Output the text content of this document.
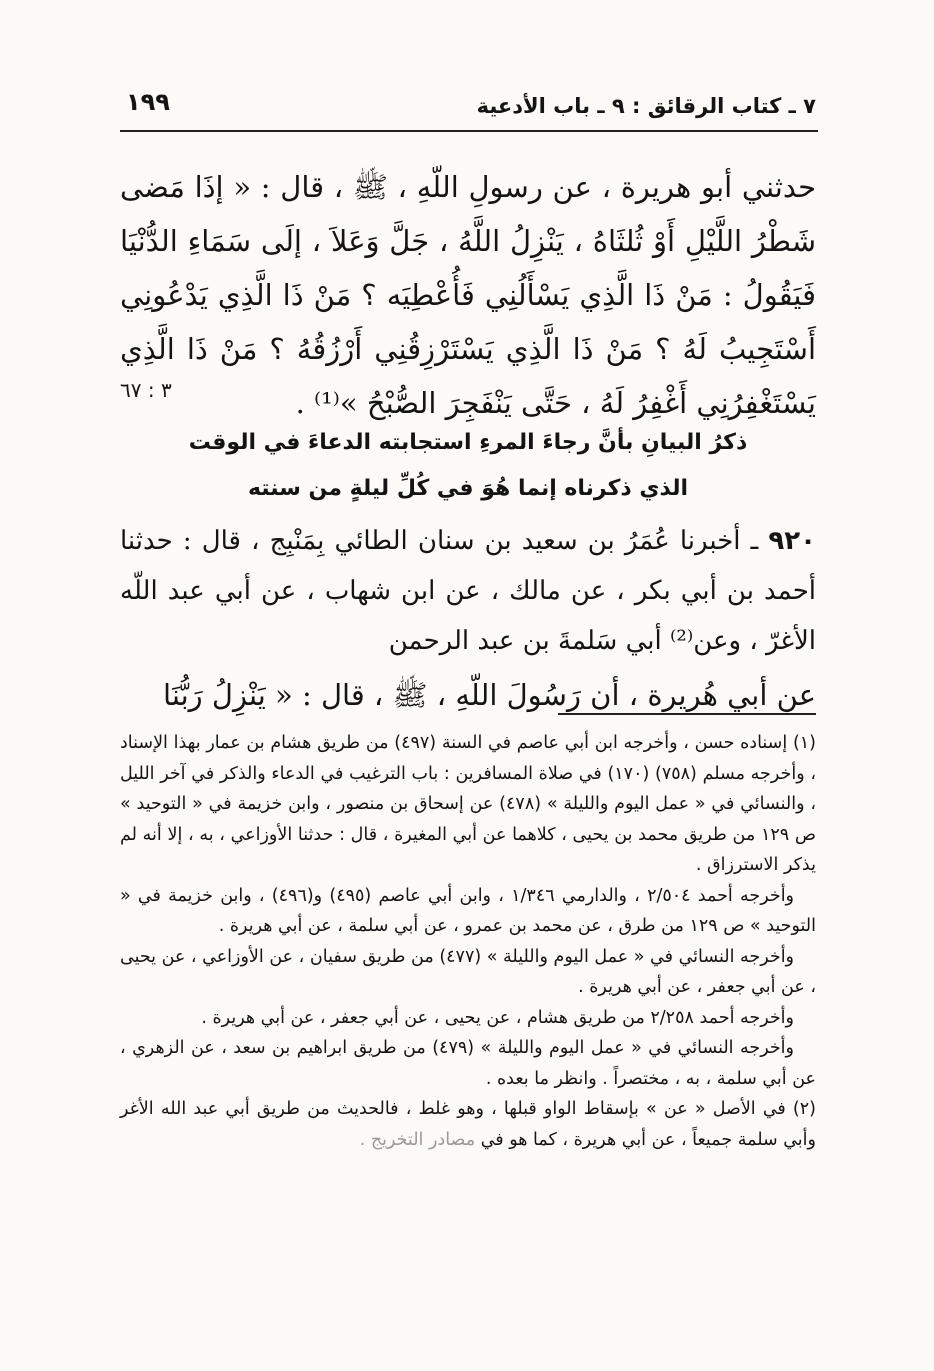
٧ ـ كتاب الرقائق : ٩ ـ باب الأدعية
١٩٩
حدثني أبو هريرة ، عن رسولِ اللّهِ ، ﷺ ، قال : « إذَا مَضى شَطْرُ اللَّيْلِ أَوْ ثُلثَاهُ ، يَنْزِلُ اللَّهُ ، جَلَّ وَعَلاَ ، إلَى سَمَاءِ الدُّنْيَا فَيَقُولُ : مَنْ ذَا الَّذِي يَسْأَلُنِي فَأُعْطِيَه ؟ مَنْ ذَا الَّذِي يَدْعُونِي أَسْتَجِيبُ لَهُ ؟ مَنْ ذَا الَّذِي يَسْتَرْزِقُنِي أَرْزُقُهُ ؟ مَنْ ذَا الَّذِي يَسْتَغْفِرُنِي أَغْفِرُ لَهُ ، حَتَّى يَنْفَجِرَ الصُّبْحُ »⁽¹⁾ .
٣ : ٦٧
ذكرُ البيانِ بأنَّ رجاءَ المرءِ استجابته الدعاءَ في الوقت
الذي ذكرناه إنما هُوَ في كُلِّ ليلةٍ من سنته
٩٢٠ ـ أخبرنا عُمَرُ بن سعيد بن سنان الطائي بِمَنْبِج ، قال : حدثنا أحمد بن أبي بكر ، عن مالك ، عن ابن شهاب ، عن أبي عبد اللّه الأغرّ ، وعن⁽²⁾ أبي سَلمةَ بن عبد الرحمن
عن أبي هُريرة ، أن رَسُولَ اللّهِ ، ﷺ ، قال : « يَنْزِلُ رَبُّنَا

(١) إسناده حسن ، وأخرجه ابن أبي عاصم في السنة (٤٩٧) من طريق هشام بن عمار بهذا الإسناد ، وأخرجه مسلم (٧٥٨) (١٧٠) في صلاة المسافرين : باب الترغيب في الدعاء والذكر في آخر الليل ، والنسائي في « عمل اليوم والليلة » (٤٧٨) عن إسحاق بن منصور ، وابن خزيمة في « التوحيد » ص ١٢٩ من طريق محمد بن يحيى ، كلاهما عن أبي المغيرة ، قال : حدثنا الأوزاعي ، به ، إلا أنه لم يذكر الاسترزاق .

وأخرجه أحمد ٢/٥٠٤ ، والدارمي ١/٣٤٦ ، وابن أبي عاصم (٤٩٥) و(٤٩٦) ، وابن خزيمة في « التوحيد » ص ١٢٩ من طرق ، عن محمد بن عمرو ، عن أبي سلمة ، عن أبي هريرة .

وأخرجه النسائي في « عمل اليوم والليلة » (٤٧٧) من طريق سفيان ، عن الأوزاعي ، عن يحيى ، عن أبي جعفر ، عن أبي هريرة .

وأخرجه أحمد ٢/٢٥٨ من طريق هشام ، عن يحيى ، عن أبي جعفر ، عن أبي هريرة .

وأخرجه النسائي في « عمل اليوم والليلة » (٤٧٩) من طريق ابراهيم بن سعد ، عن الزهري ، عن أبي سلمة ، به ، مختصراً . وانظر ما بعده .

(٢) في الأصل « عن » بإسقاط الواو قبلها ، وهو غلط ، فالحديث من طريق أبي عبد الله الأغر وأبي سلمة جميعاً ، عن أبي هريرة ، كما هو في مصادر التخريج .
